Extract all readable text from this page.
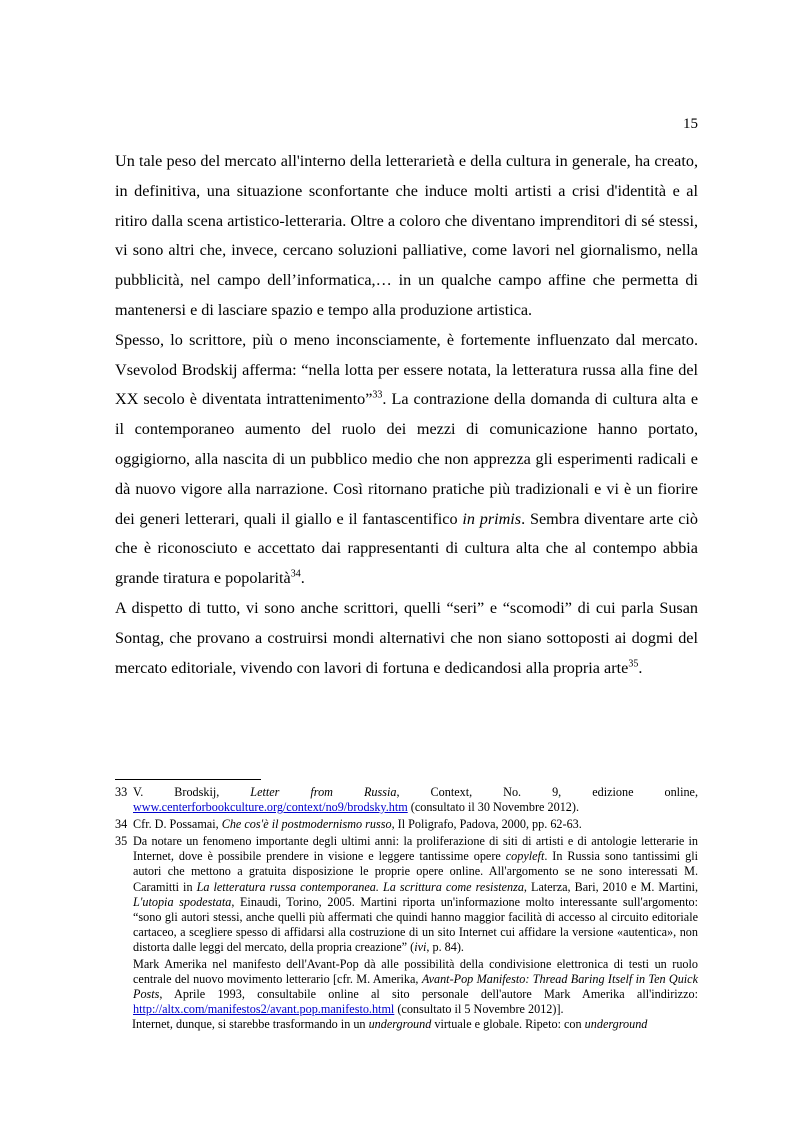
15

Un tale peso del mercato all'interno della letterarietà e della cultura in generale, ha creato, in definitiva, una situazione sconfortante che induce molti artisti a crisi d'identità e al ritiro dalla scena artistico-letteraria. Oltre a coloro che diventano imprenditori di sé stessi, vi sono altri che, invece, cercano soluzioni palliative, come lavori nel giornalismo, nella pubblicità, nel campo dell’informatica,… in un qualche campo affine che permetta di mantenersi e di lasciare spazio e tempo alla produzione artistica.

Spesso, lo scrittore, più o meno inconsciamente, è fortemente influenzato dal mercato. Vsevolod Brodskij afferma: “nella lotta per essere notata, la letteratura russa alla fine del XX secolo è diventata intrattenimento”$^{33}$. La contrazione della domanda di cultura alta e il contemporaneo aumento del ruolo dei mezzi di comunicazione hanno portato, oggigiorno, alla nascita di un pubblico medio che non apprezza gli esperimenti radicali e dà nuovo vigore alla narrazione. Così ritornano pratiche più tradizionali e vi è un fiorire dei generi letterari, quali il giallo e il fantascentifico in primis. Sembra diventare arte ciò che è riconosciuto e accettato dai rappresentanti di cultura alta che al contempo abbia grande tiratura e popolarità$^{34}$.

A dispetto di tutto, vi sono anche scrittori, quelli “seri” e “scomodi” di cui parla Susan Sontag, che provano a costruirsi mondi alternativi che non siano sottoposti ai dogmi del mercato editoriale, vivendo con lavori di fortuna e dedicandosi alla propria arte$^{35}$.

33 V. Brodskij, Letter from Russia, Context, No. 9, edizione online, www.centerforbookculture.org/context/no9/brodsky.htm (consultato il 30 Novembre 2012).
34 Cfr. D. Possamai, Che cos'è il postmodernismo russo, Il Poligrafo, Padova, 2000, pp. 62-63.
35 Da notare un fenomeno importante degli ultimi anni: la proliferazione di siti di artisti e di antologie letterarie in Internet, dove è possibile prendere in visione e leggere tantissime opere copyleft. In Russia sono tantissimi gli autori che mettono a gratuita disposizione le proprie opere online. All'argomento se ne sono interessati M. Caramitti in La letteratura russa contemporanea. La scrittura come resistenza, Laterza, Bari, 2010 e M. Martini, L'utopia spodestata, Einaudi, Torino, 2005. Martini riporta un'informazione molto interessante sull'argomento: “sono gli autori stessi, anche quelli più affermati che quindi hanno maggior facilità di accesso al circuito editoriale cartaceo, a scegliere spesso di affidarsi alla costruzione di un sito Internet cui affidare la versione «autentica», non distorta dalle leggi del mercato, della propria creazione” (ivi, p. 84).
Mark Amerika nel manifesto dell'Avant-Pop dà alle possibilità della condivisione elettronica di testi un ruolo centrale del nuovo movimento letterario [cfr. M. Amerika, Avant-Pop Manifesto: Thread Baring Itself in Ten Quick Posts, Aprile 1993, consultabile online al sito personale dell'autore Mark Amerika all'indirizzo: http://altx.com/manifestos2/avant.pop.manifesto.html (consultato il 5 Novembre 2012)].
Internet, dunque, si starebbe trasformando in un underground virtuale e globale. Ripeto: con underground
